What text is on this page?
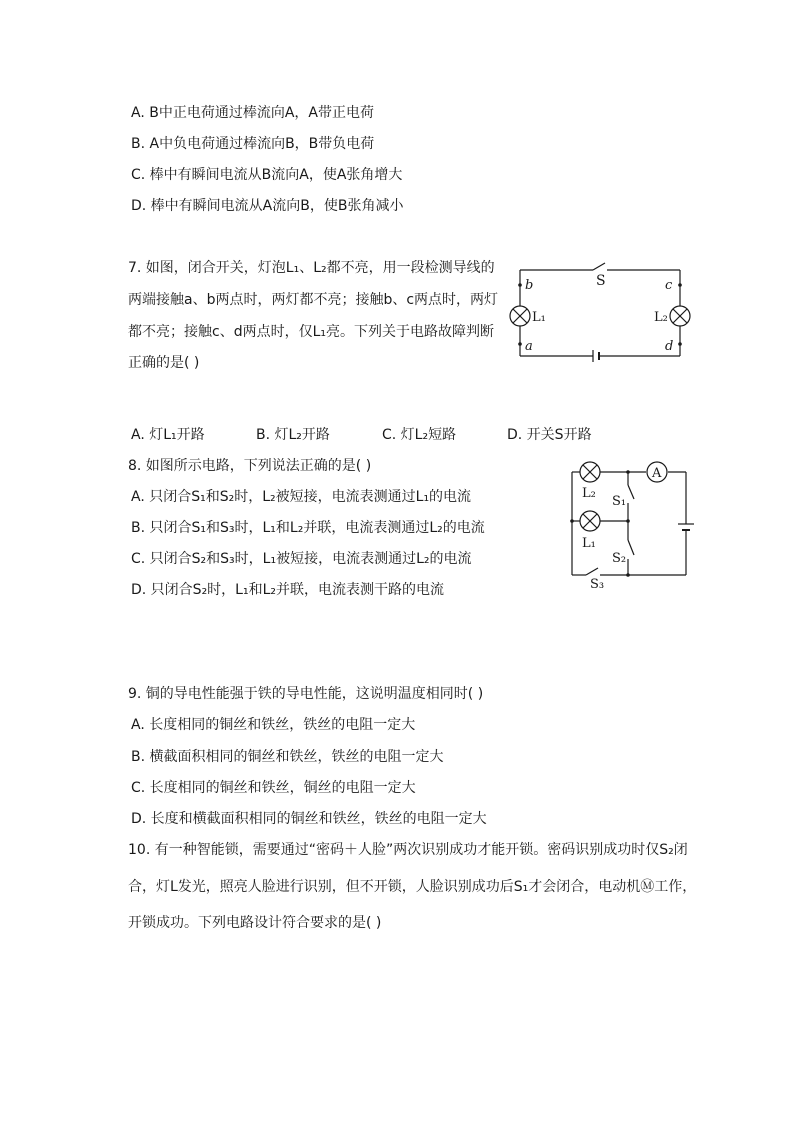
A. B中正电荷通过棒流向A，A带正电荷
B. A中负电荷通过棒流向B，B带负电荷
C. 棒中有瞬间电流从B流向A，使A张角增大
D. 棒中有瞬间电流从A流向B，使B张角减小
7. 如图，闭合开关，灯泡L₁、L₂都不亮，用一段检测导线的
两端接触a、b两点时，两灯都不亮；接触b、c两点时，两灯
都不亮；接触c、d两点时，仅L₁亮。下列关于电路故障判断
正确的是( )
S
L₁	L₂
a
b	c
d
A. 灯L₁开路	B. 灯L₂开路	C. 灯L₂短路	D. 开关S开路
8. 如图所示电路，下列说法正确的是( )
A. 只闭合S₁和S₂时，L₂被短接，电流表测通过L₁的电流
B. 只闭合S₁和S₃时，L₁和L₂并联，电流表测通过L₂的电流
C. 只闭合S₂和S₃时，L₁被短接，电流表测通过L₂的电流
D. 只闭合S₂时，L₁和L₂并联，电流表测干路的电流
A
L₂
L₁
S₁
S₂
S₃
9. 铜的导电性能强于铁的导电性能，这说明温度相同时( )
A. 长度相同的铜丝和铁丝，铁丝的电阻一定大
B. 横截面积相同的铜丝和铁丝，铁丝的电阻一定大
C. 长度相同的铜丝和铁丝，铜丝的电阻一定大
D. 长度和横截面积相同的铜丝和铁丝，铁丝的电阻一定大
10. 有一种智能锁，需要通过“密码＋人脸”两次识别成功才能开锁。密码识别成功时仅S₂闭
合，灯L发光，照亮人脸进行识别，但不开锁，人脸识别成功后S₁才会闭合，电动机Ⓜ工作，
开锁成功。下列电路设计符合要求的是( )
